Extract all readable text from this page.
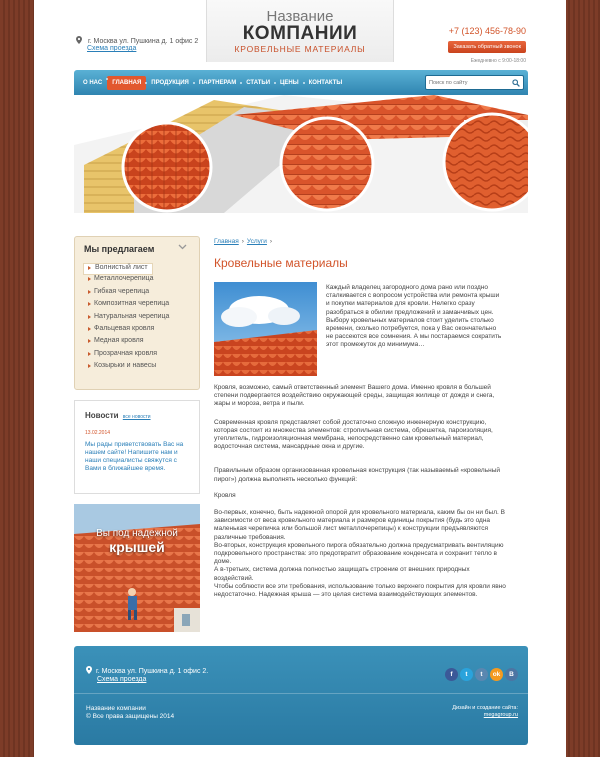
г. Москва ул. Пушкина д. 1 офис 2
Схема проезда
Название
КОМПАНИИ
КРОВЕЛЬНЫЕ МАТЕРИАЛЫ
+7 (123) 456-78-90
Заказать обратный звонок
Ежедневно с 9:00-18:00
О НАС	ГЛАВНАЯ	ПРОДУКЦИЯ	ПАРТНЕРАМ	СТАТЬИ	ЦЕНЫ	КОНТАКТЫ
Поиск по сайту
Мы предлагаем
Волнистый лист
Металлочерепица
Гибкая черепица
Композитная черепица
Натуральная черепица
Фальцевая кровля
Медная кровля
Прозрачная кровля
Козырьки и навесы
Новости все новости
13.02.2014

Мы рады приветствовать Вас на нашем сайте! Напишите нам и наши специалисты свяжутся с Вами в ближайшее время.

Вы под надежной
крышей
Главная › Услуги ›
Кровельные материалы
Каждый владелец загородного дома рано или поздно сталкивается с вопросом устройства или ремонта крыши и покупки материалов для кровли. Нелегко сразу разобраться в обилии предложений и заманчивых цен. Выбору кровельных материалов стоит уделить столько времени, сколько потребуется, пока у Вас окончательно не рассеются все сомнения. А мы постараемся сократить этот промежуток до минимума…

Кровля, возможно, самый ответственный элемент Вашего дома. Именно кровля в большей степени подвергается воздействию окружающей среды, защищая жилище от дождя и снега, жары и мороза, ветра и пыли.

Современная кровля представляет собой достаточно сложную инженерную конструкцию, которая состоит из множества элементов: стропильная система, обрешетка, пароизоляция, утеплитель, гидроизоляционная мембрана, непосредственно сам кровельный материал, водосточная система, мансардные окна и другие.

Правильным образом организованная кровельная конструкция (так называемый «кровельный пирог») должна выполнять несколько функций:

Кровля

Во-первых, конечно, быть надежной опорой для кровельного материала, каким бы он ни был. В зависимости от веса кровельного материала и размеров единицы покрытия (будь это одна маленькая черепичка или большой лист металлочерепицы) к конструкции предъявляются различные требования.
Во-вторых, конструкция кровельного пирога обязательно должна предусматривать вентиляцию подкровельного пространства: это предотвратит образование конденсата и сохранит тепло в доме.
А в-третьих, система должна полностью защищать строение от внешних природных воздействий.
Чтобы соблюсти все эти требования, использование только верхнего покрытия для кровли явно недостаточно. Надежная крыша — это целая система взаимодействующих элементов.
г. Москва ул. Пушкина д. 1 офис 2.
Схема проезда
f	t	t	ok	В
Название компании
© Все права защищены 2014
Дизайн и создание сайта:
megagroup.ru
